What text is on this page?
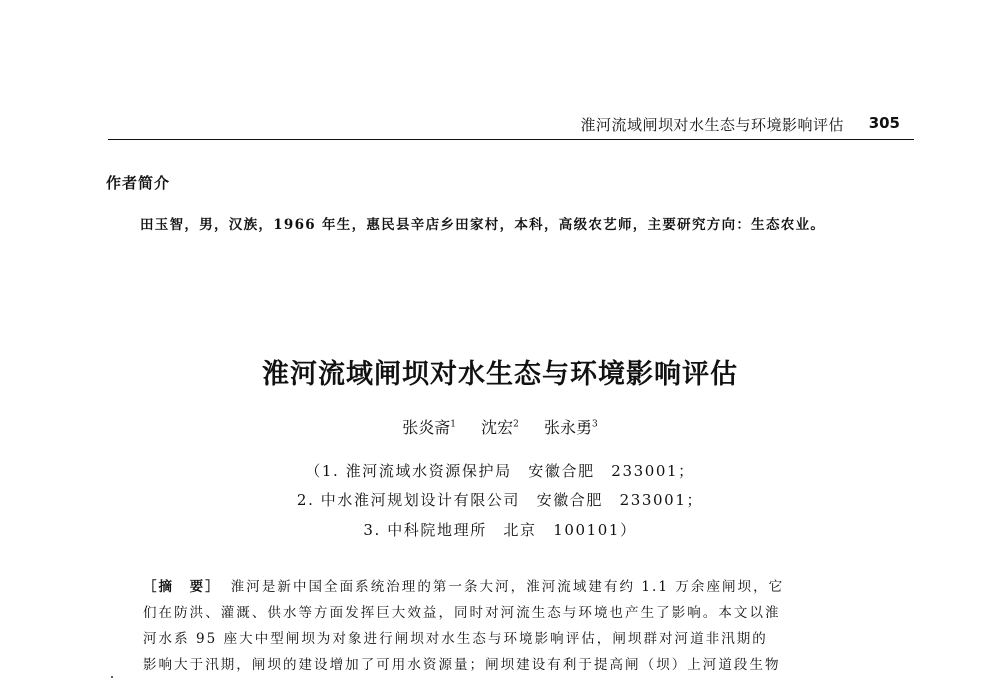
淮河流域闸坝对水生态与环境影响评估 305
作者简介
田玉智，男，汉族，1966 年生，惠民县辛店乡田家村，本科，高级农艺师，主要研究方向：生态农业。
淮河流域闸坝对水生态与环境影响评估
张炎斋$^1$ 沈宏$^2$ 张永勇$^3$
（1. 淮河流域水资源保护局　安徽合肥　233001；
2. 中水淮河规划设计有限公司　安徽合肥　233001；
3. 中科院地理所　北京　100101）
［摘　要］ 淮河是新中国全面系统治理的第一条大河，淮河流域建有约 1.1 万余座闸坝，它
们在防洪、灌溉、供水等方面发挥巨大效益，同时对河流生态与环境也产生了影响。本文以淮
河水系 95 座大中型闸坝为对象进行闸坝对水生态与环境影响评估，闸坝群对河道非汛期的
影响大于汛期，闸坝的建设增加了可用水资源量；闸坝建设有利于提高闸（坝）上河道段生物
